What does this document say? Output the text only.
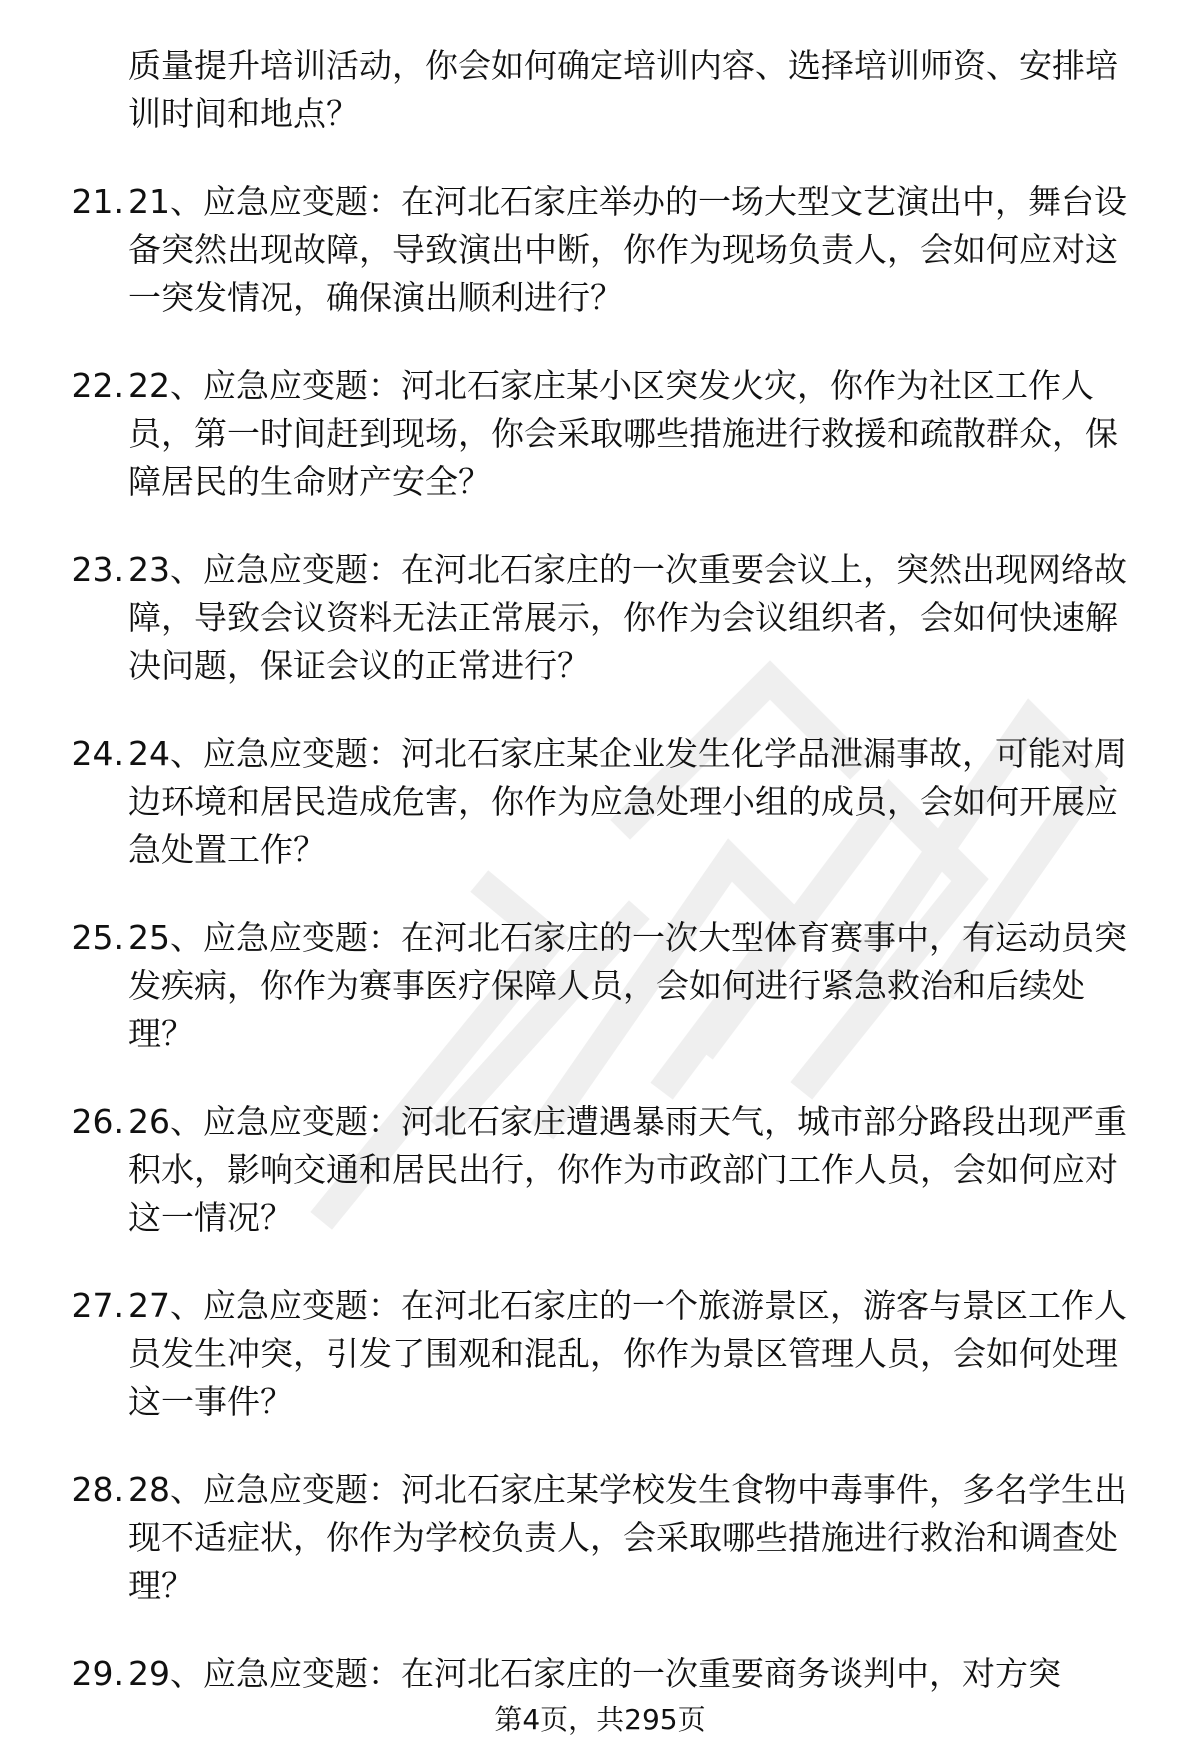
质量提升培训活动，你会如何确定培训内容、选择培训师资、安排培训时间和地点？
21. 21、应急应变题：在河北石家庄举办的一场大型文艺演出中，舞台设备突然出现故障，导致演出中断，你作为现场负责人，会如何应对这一突发情况，确保演出顺利进行？
22. 22、应急应变题：河北石家庄某小区突发火灾，你作为社区工作人员，第一时间赶到现场，你会采取哪些措施进行救援和疏散群众，保障居民的生命财产安全？
23. 23、应急应变题：在河北石家庄的一次重要会议上，突然出现网络故障，导致会议资料无法正常展示，你作为会议组织者，会如何快速解决问题，保证会议的正常进行？
24. 24、应急应变题：河北石家庄某企业发生化学品泄漏事故，可能对周边环境和居民造成危害，你作为应急处理小组的成员，会如何开展应急处置工作？
25. 25、应急应变题：在河北石家庄的一次大型体育赛事中，有运动员突发疾病，你作为赛事医疗保障人员，会如何进行紧急救治和后续处理？
26. 26、应急应变题：河北石家庄遭遇暴雨天气，城市部分路段出现严重积水，影响交通和居民出行，你作为市政部门工作人员，会如何应对这一情况？
27. 27、应急应变题：在河北石家庄的一个旅游景区，游客与景区工作人员发生冲突，引发了围观和混乱，你作为景区管理人员，会如何处理这一事件？
28. 28、应急应变题：河北石家庄某学校发生食物中毒事件，多名学生出现不适症状，你作为学校负责人，会采取哪些措施进行救治和调查处理？
29. 29、应急应变题：在河北石家庄的一次重要商务谈判中，对方突
第4页，共295页
